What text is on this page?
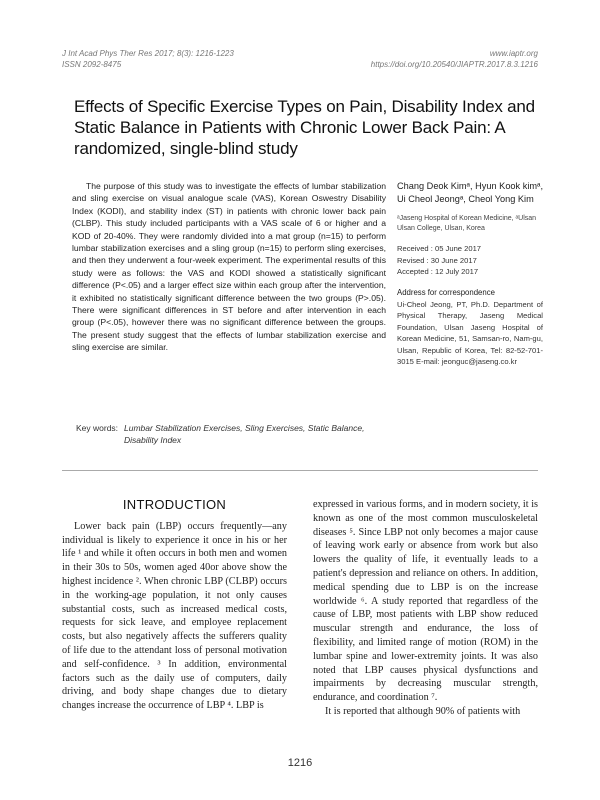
J Int Acad Phys Ther Res 2017; 8(3): 1216-1223
ISSN 2092-8475
www.iaptr.org
https://doi.org/10.20540/JIAPTR.2017.8.3.1216
Effects of Specific Exercise Types on Pain, Disability Index and Static Balance in Patients with Chronic Lower Back Pain: A randomized, single-blind study
The purpose of this study was to investigate the effects of lumbar stabilization and sling exercise on visual analogue scale (VAS), Korean Oswestry Disability Index (KODI), and stability index (ST) in patients with chronic lower back pain (CLBP). This study included participants with a VAS scale of 6 or higher and a KOD of 20-40%. They were randomly divided into a mat group (n=15) to perform lumbar stabilization exercises and a sling group (n=15) to perform sling exercises, and then they underwent a four-week experiment. The experimental results of this study were as follows: the VAS and KODI showed a statistically significant difference (P<.05) and a larger effect size within each group after the intervention, it exhibited no statistically significant difference between the two groups (P>.05). There were significant differences in ST before and after intervention in each group (P<.05), however there was no significant difference between the groups. The present study suggest that the effects of lumbar stabilization exercise and sling exercise are similar.
Chang Deok Kimᵃ, Hyun Kook kimᵃ, Ui Cheol Jeongᵃ, Cheol Yong Kim
ᵃJaseng Hospital of Korean Medicine, ᵃUlsan Ulsan College, Ulsan, Korea
Received : 05 June 2017
Revised : 30 June 2017
Accepted : 12 July 2017
Address for correspondence
Ui-Cheol Jeong, PT, Ph.D. Department of Physical Therapy, Jaseng Medical Foundation, Ulsan Jaseng Hospital of Korean Medicine, 51, Samsan-ro, Nam-gu, Ulsan, Republic of Korea, Tel: 82-52-701-3015 E-mail: jeonguc@jaseng.co.kr
Key words: Lumbar Stabilization Exercises, Sling Exercises, Static Balance, Disability Index
INTRODUCTION

Lower back pain (LBP) occurs frequently—any individual is likely to experience it once in his or her life ¹ and while it often occurs in both men and women in their 30s to 50s, women aged 40or above show the highest incidence ². When chronic LBP (CLBP) occurs in the working-age population, it not only causes substantial costs, such as increased medical costs, requests for sick leave, and employee replacement costs, but also negatively affects the sufferers quality of life due to the attendant loss of personal motivation and self-confidence. ³ In addition, environmental factors such as the daily use of computers, daily driving, and body shape changes due to dietary changes increase the occurrence of LBP ⁴. LBP is

expressed in various forms, and in modern society, it is known as one of the most common musculoskeletal diseases ⁵. Since LBP not only becomes a major cause of leaving work early or absence from work but also lowers the quality of life, it eventually leads to a patient's depression and reliance on others. In addition, medical spending due to LBP is on the increase worldwide ⁶. A study reported that regardless of the cause of LBP, most patients with LBP show reduced muscular strength and endurance, the loss of flexibility, and limited range of motion (ROM) in the lumbar spine and lower-extremity joints. It was also noted that LBP causes physical dysfunctions and impairments by decreasing muscular strength, endurance, and coordination ⁷.

It is reported that although 90% of patients with

1216
